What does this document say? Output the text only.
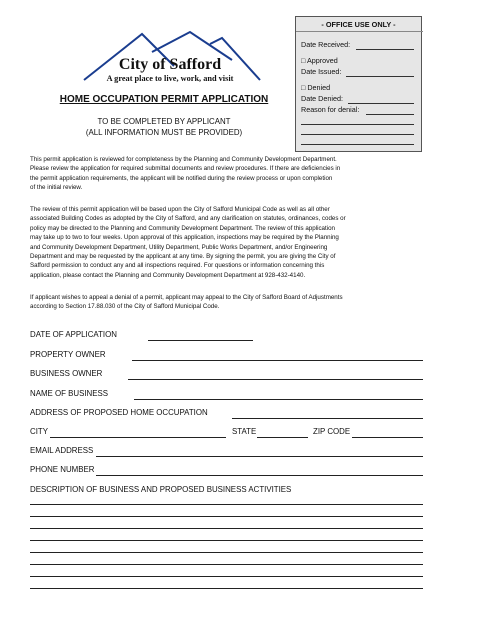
City of Safford
A great place to live, work, and visit
HOME OCCUPATION PERMIT APPLICATION
TO BE COMPLETED BY APPLICANT
(ALL INFORMATION MUST BE PROVIDED)
- OFFICE USE ONLY -
Date Received:
□ Approved
Date Issued:
□ Denied
Date Denied:
Reason for denial:
This permit application is reviewed for completeness by the Planning and Community Development Department.
Please review the application for required submittal documents and review procedures. If there are deficiencies in
the permit application requirements, the applicant will be notified during the review process or upon completion
of the initial review.
The review of this permit application will be based upon the City of Safford Municipal Code as well as all other
associated Building Codes as adopted by the City of Safford, and any clarification on statutes, ordinances, codes or
policy may be directed to the Planning and Community Development Department. The review of this application
may take up to two to four weeks. Upon approval of this application, inspections may be required by the Planning
and Community Development Department, Utility Department, Public Works Department, and/or Engineering
Department and may be requested by the applicant at any time. By signing the permit, you are giving the City of
Safford permission to conduct any and all inspections required. For questions or information concerning this
application, please contact the Planning and Community Development Department at 928-432-4140.
If applicant wishes to appeal a denial of a permit, applicant may appeal to the City of Safford Board of Adjustments
according to Section 17.88.030 of the City of Safford Municipal Code.
DATE OF APPLICATION
PROPERTY OWNER
BUSINESS OWNER
NAME OF BUSINESS
ADDRESS OF PROPOSED HOME OCCUPATION
CITY	STATE	ZIP CODE
EMAIL ADDRESS
PHONE NUMBER
DESCRIPTION OF BUSINESS AND PROPOSED BUSINESS ACTIVITIES
